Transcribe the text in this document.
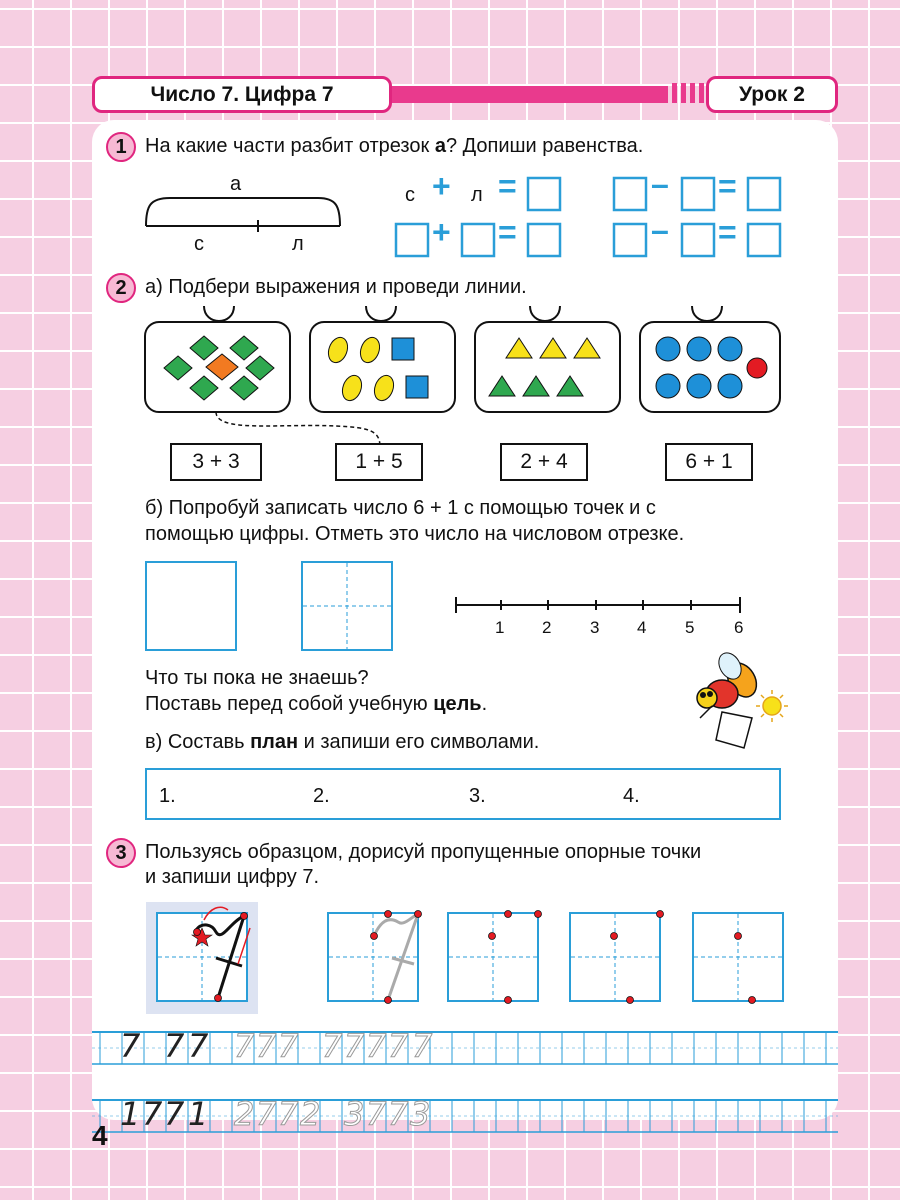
Число 7. Цифра 7	Урок 2
1 На какие части разбит отрезок а? Допиши равенства.
а
с	л
с + л =	– =
+ =	– =
2 а) Подбери выражения и проведи линии.
3 + 3	1 + 5	2 + 4	6 + 1
б) Попробуй записать число 6 + 1 с помощью точек и с
помощью цифры. Отметь это число на числовом отрезке.
1 2 3 4 5 6
Что ты пока не знаешь?
Поставь перед собой учебную цель.
в) Составь план и запиши его символами.
1.	2.	3.	4.
3 Пользуясь образцом, дорисуй пропущенные опорные точки
и запиши цифру 7.
7 7 7 7 7 7 7 7 7 7 7
1 7 7 1 2 7 7 2 3 7 7 3
4
